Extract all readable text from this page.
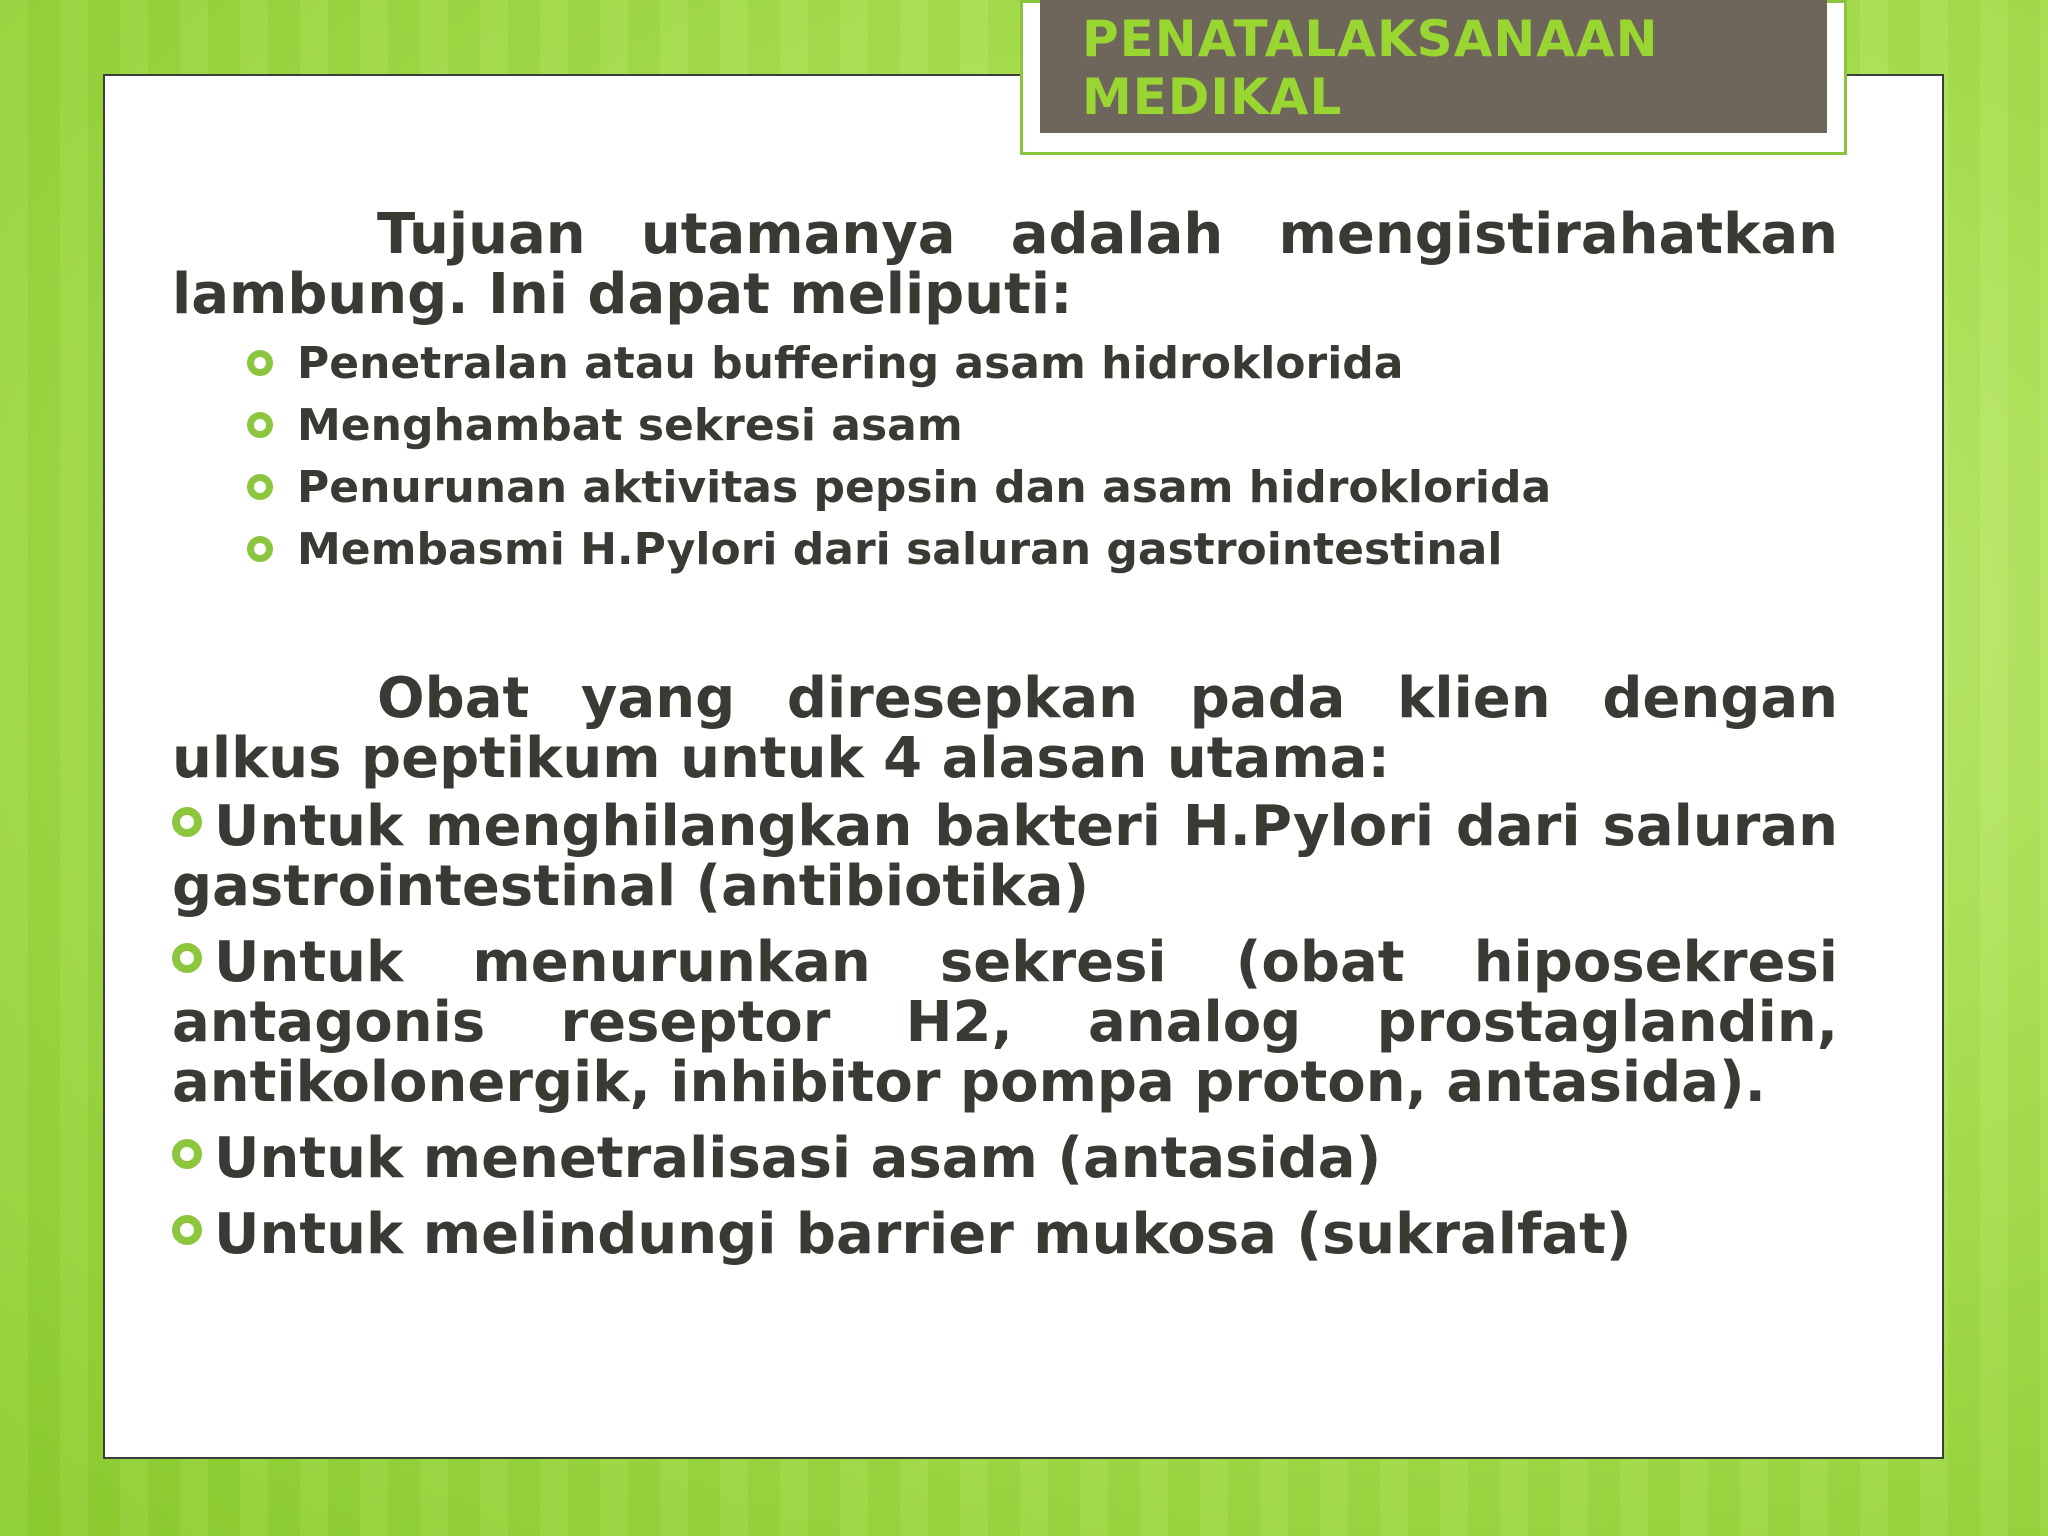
PENATALAKSANAAN
MEDIKAL

Tujuan utamanya adalah mengistirahatkan lambung. Ini dapat meliputi:

Penetralan atau buffering asam hidroklorida
Menghambat sekresi asam
Penurunan aktivitas pepsin dan asam hidroklorida
Membasmi H.Pylori dari saluran gastrointestinal

Obat yang diresepkan pada klien dengan ulkus peptikum untuk 4 alasan utama:

Untuk menghilangkan bakteri H.Pylori dari saluran gastrointestinal (antibiotika)
Untuk menurunkan sekresi (obat hiposekresi antagonis reseptor H2, analog prostaglandin, antikolonergik, inhibitor pompa proton, antasida).
Untuk menetralisasi asam (antasida)
Untuk melindungi barrier mukosa (sukralfat)
